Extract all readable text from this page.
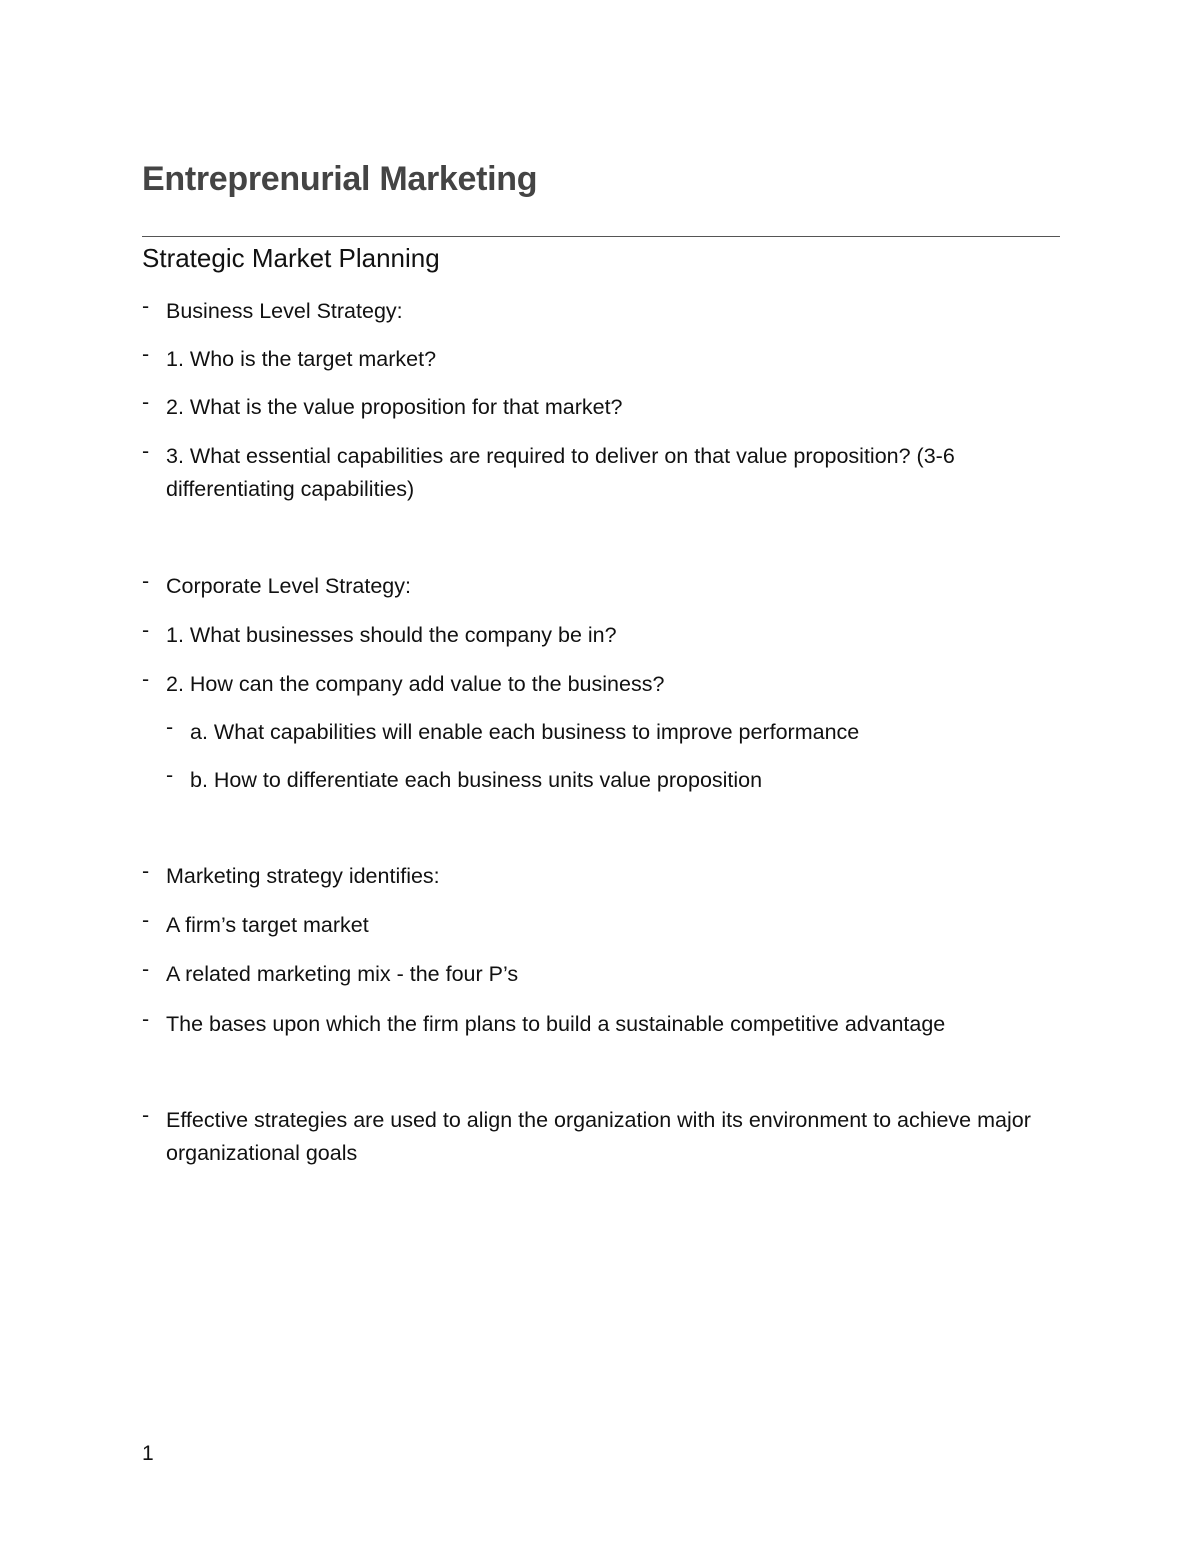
Entreprenurial Marketing
Strategic Market Planning
- Business Level Strategy:
- 1. Who is the target market?
- 2. What is the value proposition for that market?
- 3. What essential capabilities are required to deliver on that value proposition? (3-6 differentiating capabilities)
- Corporate Level Strategy:
- 1. What businesses should the company be in?
- 2. How can the company add value to the business?
- a. What capabilities will enable each business to improve performance
- b. How to differentiate each business units value proposition
- Marketing strategy identifies:
- A firm’s target market
- A related marketing mix - the four P’s
- The bases upon which the firm plans to build a sustainable competitive advantage
- Effective strategies are used to align the organization with its environment to achieve major organizational goals
1
